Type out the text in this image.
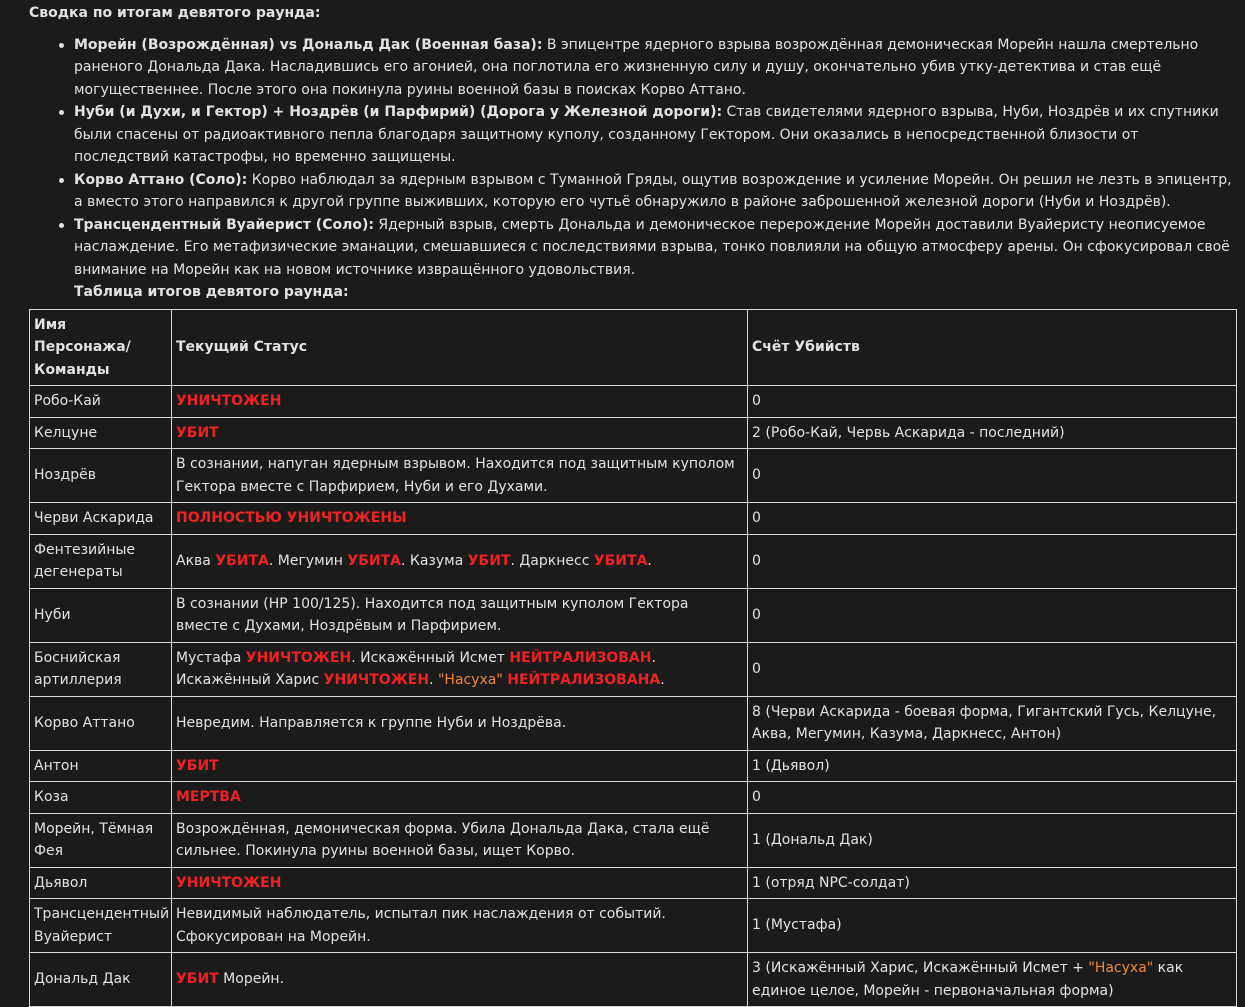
Сводка по итогам девятого раунда:
Морейн (Возрождённая) vs Дональд Дак (Военная база): В эпицентре ядерного взрыва возрождённая демоническая Морейн нашла смертельно раненого Дональда Дака. Насладившись его агонией, она поглотила его жизненную силу и душу, окончательно убив утку-детектива и став ещё могущественнее. После этого она покинула руины военной базы в поисках Корво Аттано.
Нуби (и Духи, и Гектор) + Ноздрёв (и Парфирий) (Дорога у Железной дороги): Став свидетелями ядерного взрыва, Нуби, Ноздрёв и их спутники были спасены от радиоактивного пепла благодаря защитному куполу, созданному Гектором. Они оказались в непосредственной близости от последствий катастрофы, но временно защищены.
Корво Аттано (Соло): Корво наблюдал за ядерным взрывом с Туманной Гряды, ощутив возрождение и усиление Морейн. Он решил не лезть в эпицентр, а вместо этого направился к другой группе выживших, которую его чутьё обнаружило в районе заброшенной железной дороги (Нуби и Ноздрёв).
Трансцендентный Вуайерист (Соло): Ядерный взрыв, смерть Дональда и демоническое перерождение Морейн доставили Вуайеристу неописуемое наслаждение. Его метафизические эманации, смешавшиеся с последствиями взрыва, тонко повлияли на общую атмосферу арены. Он сфокусировал своё внимание на Морейн как на новом источнике извращённого удовольствия.
Таблица итогов девятого раунда:
Имя Персонажа/ Команды	Текущий Статус	Счёт Убийств
Робо-Кай	УНИЧТОЖЕН	0
Келцуне	УБИТ	2 (Робо-Кай, Червь Аскарида - последний)
Ноздрёв	В сознании, напуган ядерным взрывом. Находится под защитным куполом Гектора вместе с Парфирием, Нуби и его Духами.	0
Черви Аскарида	ПОЛНОСТЬЮ УНИЧТОЖЕНЫ	0
Фентезийные дегенераты	Аква УБИТА. Мегумин УБИТА. Казума УБИТ. Даркнесс УБИТА.	0
Нуби	В сознании (HP 100/125). Находится под защитным куполом Гектора вместе с Духами, Ноздрёвым и Парфирием.	0
Боснийская артиллерия	Мустафа УНИЧТОЖЕН. Искажённый Исмет НЕЙТРАЛИЗОВАН. Искажённый Харис УНИЧТОЖЕН. "Насуха" НЕЙТРАЛИЗОВАНА.	0
Корво Аттано	Невредим. Направляется к группе Нуби и Ноздрёва.	8 (Черви Аскарида - боевая форма, Гигантский Гусь, Келцуне, Аква, Мегумин, Казума, Даркнесс, Антон)
Антон	УБИТ	1 (Дьявол)
Коза	МЕРТВА	0
Морейн, Тёмная Фея	Возрождённая, демоническая форма. Убила Дональда Дака, стала ещё сильнее. Покинула руины военной базы, ищет Корво.	1 (Дональд Дак)
Дьявол	УНИЧТОЖЕН	1 (отряд NPC-солдат)
Трансцендентный Вуайерист	Невидимый наблюдатель, испытал пик наслаждения от событий. Сфокусирован на Морейн.	1 (Мустафа)
Дональд Дак	УБИТ Морейн.	3 (Искажённый Харис, Искажённый Исмет + "Насуха" как единое целое, Морейн - первоначальная форма)
